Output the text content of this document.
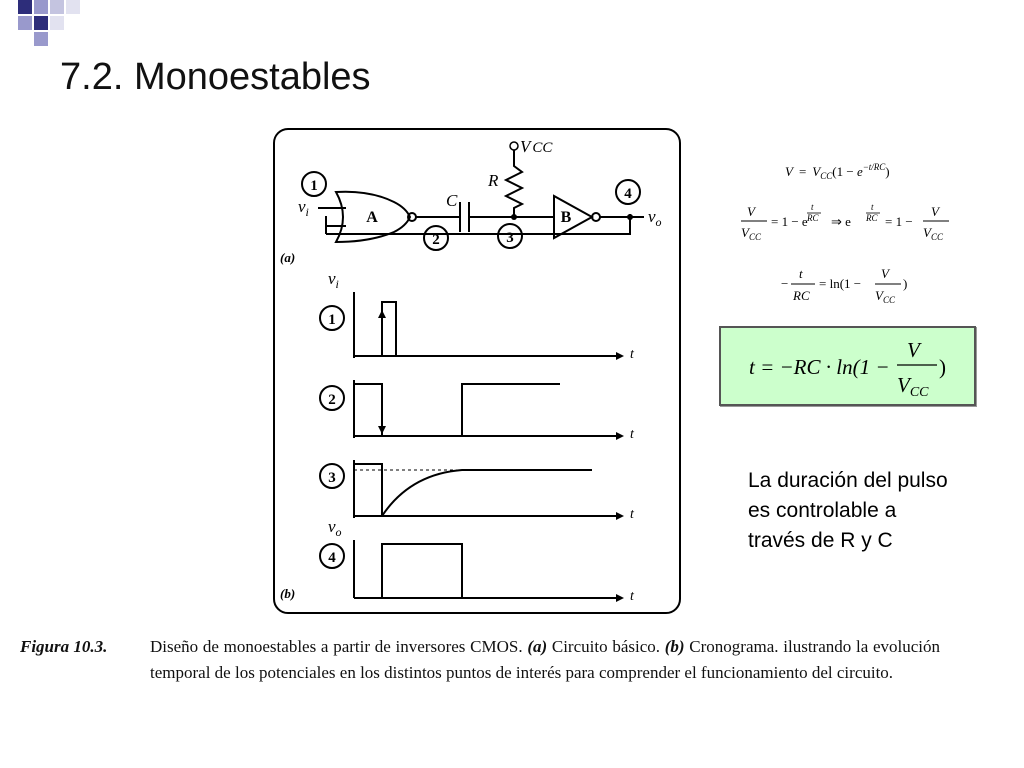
7.2. Monoestables
1
2	3
4
$v_i$	$v_o$
C
R
V CC
A	B
(a)
(b)
t
t
t
t
1
2
3
4
$v_i$
$v_o$
$V = V_{CC}(1 - e^{-t/RC})$
V
$V_{CC}$
= 1 − e
t
RC ⇒ e
t
RC = 1 −
V
$V_{CC}$
−
t
RC
= ln(1 −
V
$V_{CC}$
)
t = −RC · ln(1 −
V
VCC
)
La duración del pulso es controlable a través de R y C
Figura 10.3.	Diseño de monoestables a partir de inversores CMOS. (a) Circuito básico. (b) Cronograma. ilustrando la evolución temporal de los potenciales en los distintos puntos de interés para comprender el funcionamiento del circuito.
